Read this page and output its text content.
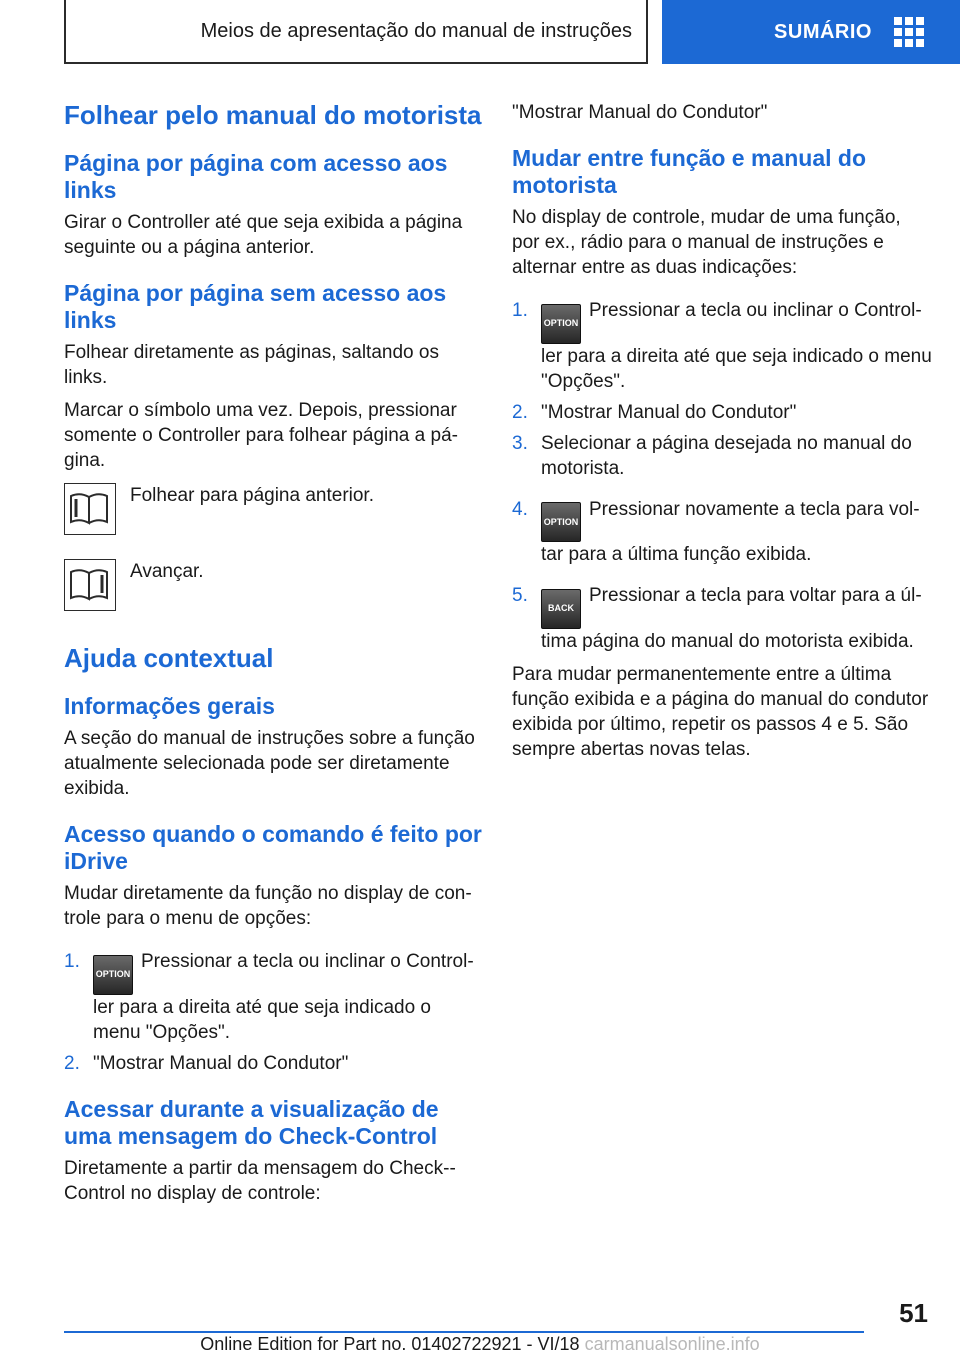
Meios de apresentação do manual de instruções	SUMÁRIO
Folhear pelo manual do motorista
Página por página com acesso aos links

Girar o Controller até que seja exibida a página seguinte ou a página anterior.

Página por página sem acesso aos links

Folhear diretamente as páginas, saltando os links.

Marcar o símbolo uma vez. Depois, pressionar somente o Controller para folhear página a página.

Folhear para página anterior.

Avançar.

Ajuda contextual
Informações gerais

A seção do manual de instruções sobre a função atualmente selecionada pode ser diretamente exibida.

Acesso quando o comando é feito por iDrive

Mudar diretamente da função no display de controle para o menu de opções:

1.
OPTIONPressionar a tecla ou inclinar o Controller para a direita até que seja indicado o menu "Opções".
2. "Mostrar Manual do Condutor"
Acessar durante a visualização de uma mensagem do Check-Control

Diretamente a partir da mensagem do Check-Control no display de controle:

"Mostrar Manual do Condutor"

Mudar entre função e manual do motorista

No display de controle, mudar de uma função, por ex., rádio para o manual de instruções e alternar entre as duas indicações:

1.
OPTIONPressionar a tecla ou inclinar o Controller para a direita até que seja indicado o menu "Opções".
2. "Mostrar Manual do Condutor"
3. Selecionar a página desejada no manual do motorista.
4.
OPTIONPressionar novamente a tecla para voltar para a última função exibida.
5.
BACKPressionar a tecla para voltar para a última página do manual do motorista exibida.

Para mudar permanentemente entre a última função exibida e a página do manual do condutor exibida por último, repetir os passos 4 e 5. São sempre abertas novas telas.

51
Online Edition for Part no. 01402722921 - VI/18 carmanualsonline.info
